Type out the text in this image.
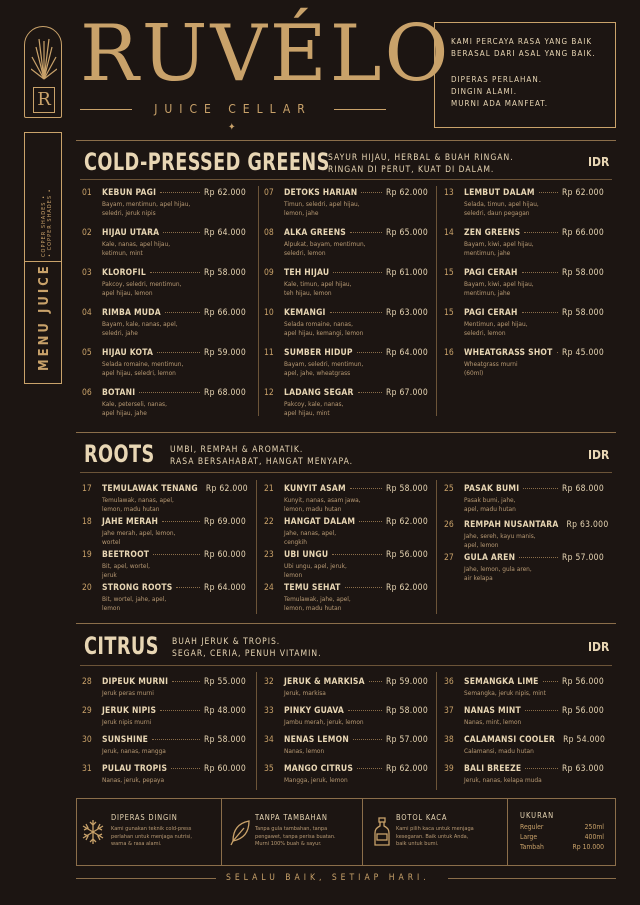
R
RUVÉLO
JUICE CELLAR
✦

KAMI PERCAYA RASA YANG BAIK

BERASAL DARI ASAL YANG BAIK.

DIPERAS PERLAHAN.

DINGIN ALAMI.

MURNI ADA MANFEAT.

COPPER SHADES • • COPPER SHADES •
MENU JUICE
COLD-PRESSED GREENS
SAYUR HIJAU, HERBAL & BUAH RINGAN.
RINGAN DI PERUT, KUAT DI DALAM.
IDR
ROOTS UMBI, REMPAH & AROMATIK.
RASA BERSAHABAT, HANGAT MENYAPA.	IDR
CITRUS BUAH JERUK & TROPIS.
SEGAR, CERIA, PENUH VITAMIN.	IDR
01	KEBUN PAGI	Rp 62.000
Bayam, mentimun, apel hijau,
seledri, jeruk nipis
02	HIJAU UTARA	Rp 64.000
Kale, nanas, apel hijau,
ketimun, mint
03	KLOROFIL	Rp 58.000
Pakcoy, seledri, mentimun,
apel hijau, lemon
04	RIMBA MUDA	Rp 66.000
Bayam, kale, nanas, apel,
seledri, jahe
05	HIJAU KOTA	Rp 59.000
Selada romaine, mentimun,
apel hijau, seledri, lemon
06	BOTANI	Rp 68.000
Kale, peterseli, nanas,
apel hijau, jahe
07	DETOKS HARIAN	Rp 62.000
Timun, seledri, apel hijau,
lemon, jahe
08	ALKA GREENS	Rp 65.000
Alpukat, bayam, mentimun,
seledri, lemon
09	TEH HIJAU	Rp 61.000
Kale, timun, apel hijau,
teh hijau, lemon
10	KEMANGI	Rp 63.000
Selada romaine, nanas,
apel hijau, kemangi, lemon
11	SUMBER HIDUP	Rp 64.000
Bayam, seledri, mentimun,
apel, jahe, wheatgrass
12	LADANG SEGAR	Rp 67.000
Pakcoy, kale, nanas,
apel hijau, mint
13	LEMBUT DALAM	Rp 62.000
Selada, timun, apel hijau,
seledri, daun pegagan
14	ZEN GREENS	Rp 66.000
Bayam, kiwi, apel hijau,
mentimun, jahe
15	PAGI CERAH	Rp 58.000
Bayam, kiwi, apel hijau,
mentimun, jahe
15	PAGI CERAH	Rp 58.000
Mentimun, apel hijau,
seledri, lemon
16	WHEATGRASS SHOT Rp 45.000
Wheatgrass murni
(60ml)
17	TEMULAWAK TENANG Rp 62.000
Temulawak, nanas, apel,
lemon, madu hutan
18	JAHE MERAH	Rp 69.000
Jahe merah, apel, lemon,
wortel
19	BEETROOT	Rp 60.000
Bit, apel, wortel,
jeruk
20	STRONG ROOTS	Rp 64.000
Bit, wortel, jahe, apel,
lemon
21	KUNYIT ASAM	Rp 58.000
Kunyit, nanas, asam jawa,
lemon, madu hutan
22	HANGAT DALAM	Rp 62.000
Jahe, nanas, apel,
cengkih
23	UBI UNGU	Rp 56.000
Ubi ungu, apel, jeruk,
lemon
24	TEMU SEHAT	Rp 62.000
Temulawak, jahe, apel,
lemon, madu hutan
25	PASAK BUMI	Rp 68.000
Pasak bumi, jahe,
apel, madu hutan
26	REMPAH NUSANTARA Rp 63.000
Jahe, sereh, kayu manis,
apel, lemon
27	GULA AREN	Rp 57.000
Jahe, lemon, gula aren,
air kelapa
28	DIPEUK MURNI	Rp 55.000
Jeruk peras murni
29	JERUK NIPIS	Rp 48.000
Jeruk nipis murni
30	SUNSHINE	Rp 58.000
Jeruk, nanas, mangga
31	PULAU TROPIS	Rp 60.000
Nanas, jeruk, pepaya
32	JERUK & MARKISA	Rp 59.000
Jeruk, markisa
33	PINKY GUAVA	Rp 58.000
Jambu merah, jeruk, lemon
34	NENAS LEMON	Rp 57.000
Nanas, lemon
35	MANGO CITRUS	Rp 62.000
Mangga, jeruk, lemon
36	SEMANGKA LIME	Rp 56.000
Semangka, jeruk nipis, mint
37	NANAS MINT	Rp 56.000
Nanas, mint, lemon
38	CALAMANSI COOLER Rp 54.000
Calamansi, madu hutan
39	BALI BREEZE	Rp 63.000
Jeruk, nanas, kelapa muda
DIPERAS DINGIN
Kami gunakan teknik cold-press
perlahan untuk menjaga nutrisi,
warna & rasa alami.
TANPA TAMBAHAN
Tanpa gula tambahan, tanpa
pengawet, tanpa perisa buatan.
Murni 100% buah & sayur.
BOTOL KACA
Kami pilih kaca untuk menjaga
kesegaran. Baik untuk Anda,
baik untuk bumi.
UKURAN
Reguler	250ml
Large	400ml
Tambah	Rp 10.000
SELALU BAIK, SETIAP HARI.
